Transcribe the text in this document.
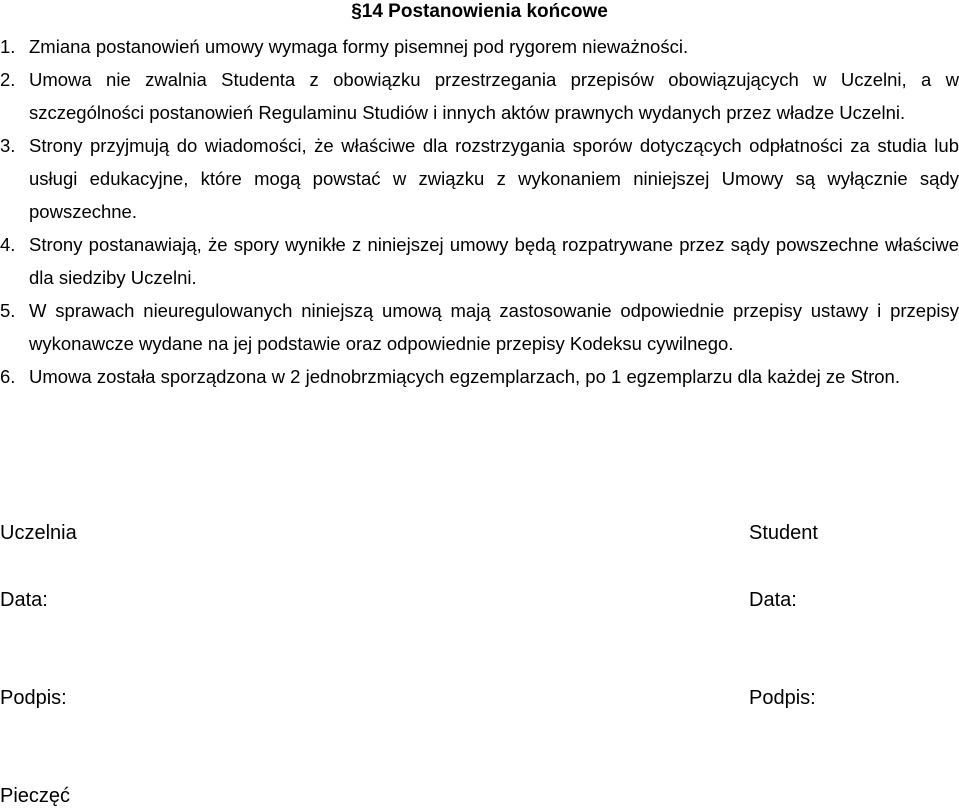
§14 Postanowienia końcowe
1. Zmiana postanowień umowy wymaga formy pisemnej pod rygorem nieważności.
2. Umowa nie zwalnia Studenta z obowiązku przestrzegania przepisów obowiązujących w Uczelni, a w szczególności postanowień Regulaminu Studiów i innych aktów prawnych wydanych przez władze Uczelni.
3. Strony przyjmują do wiadomości, że właściwe dla rozstrzygania sporów dotyczących odpłatności za studia lub usługi edukacyjne, które mogą powstać w związku z wykonaniem niniejszej Umowy są wyłącznie sądy powszechne.
4. Strony postanawiają, że spory wynikłe z niniejszej umowy będą rozpatrywane przez sądy powszechne właściwe dla siedziby Uczelni.
5. W sprawach nieuregulowanych niniejszą umową mają zastosowanie odpowiednie przepisy ustawy i przepisy wykonawcze wydane na jej podstawie oraz odpowiednie przepisy Kodeksu cywilnego.
6. Umowa została sporządzona w 2 jednobrzmiących egzemplarzach, po 1 egzemplarzu dla każdej ze Stron.
Uczelnia
Data:
Podpis:
Pieczęć
Student
Data:
Podpis:
